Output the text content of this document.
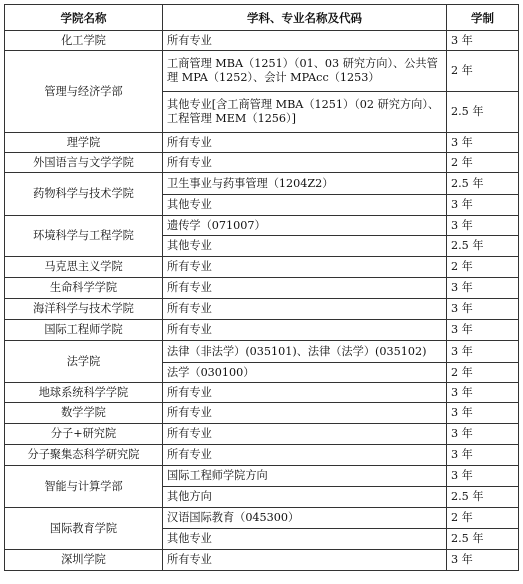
学院名称	学科、专业名称及代码	学制
化工学院	所有专业	3 年
管理与经济学部	工商管理 MBA（1251）（01、03 研究方向）、公共管理 MPA（1252）、会计 MPAcc（1253）	2 年
	其他专业[含工商管理 MBA（1251）（02 研究方向）、工程管理 MEM（1256）]	2.5 年
理学院	所有专业	3 年
外国语言与文学学院	所有专业	2 年
药物科学与技术学院	卫生事业与药事管理（1204Z2）	2.5 年
	其他专业	3 年
环境科学与工程学院	遗传学（071007）	3 年
	其他专业	2.5 年
马克思主义学院	所有专业	2 年
生命科学学院	所有专业	3 年
海洋科学与技术学院	所有专业	3 年
国际工程师学院	所有专业	3 年
法学院	法律（非法学）(035101)、法律（法学）(035102)	3 年
	法学（030100）	2 年
地球系统科学学院	所有专业	3 年
数学学院	所有专业	3 年
分子+研究院	所有专业	3 年
分子聚集态科学研究院	所有专业	3 年
智能与计算学部	国际工程师学院方向	3 年
	其他方向	2.5 年
国际教育学院	汉语国际教育（045300）	2 年
	其他专业	2.5 年
深圳学院	所有专业	3 年
